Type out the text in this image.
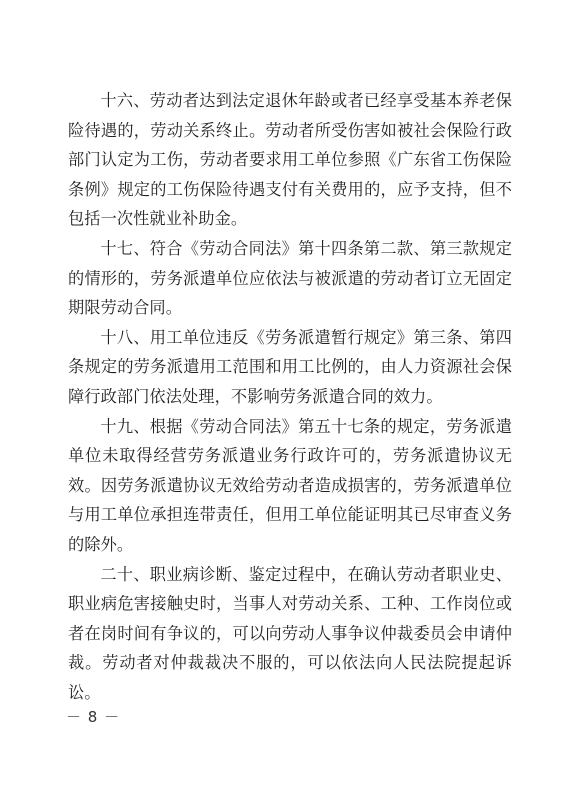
十六、劳动者达到法定退休年龄或者已经享受基本养老保险待遇的，劳动关系终止。劳动者所受伤害如被社会保险行政部门认定为工伤，劳动者要求用工单位参照《广东省工伤保险条例》规定的工伤保险待遇支付有关费用的，应予支持，但不包括一次性就业补助金。

十七、符合《劳动合同法》第十四条第二款、第三款规定的情形的，劳务派遣单位应依法与被派遣的劳动者订立无固定期限劳动合同。

十八、用工单位违反《劳务派遣暂行规定》第三条、第四条规定的劳务派遣用工范围和用工比例的，由人力资源社会保障行政部门依法处理，不影响劳务派遣合同的效力。

十九、根据《劳动合同法》第五十七条的规定，劳务派遣单位未取得经营劳务派遣业务行政许可的，劳务派遣协议无效。因劳务派遣协议无效给劳动者造成损害的，劳务派遣单位与用工单位承担连带责任，但用工单位能证明其已尽审查义务的除外。

二十、职业病诊断、鉴定过程中，在确认劳动者职业史、职业病危害接触史时，当事人对劳动关系、工种、工作岗位或者在岗时间有争议的，可以向劳动人事争议仲裁委员会申请仲裁。劳动者对仲裁裁决不服的，可以依法向人民法院提起诉讼。

－ 8 －
